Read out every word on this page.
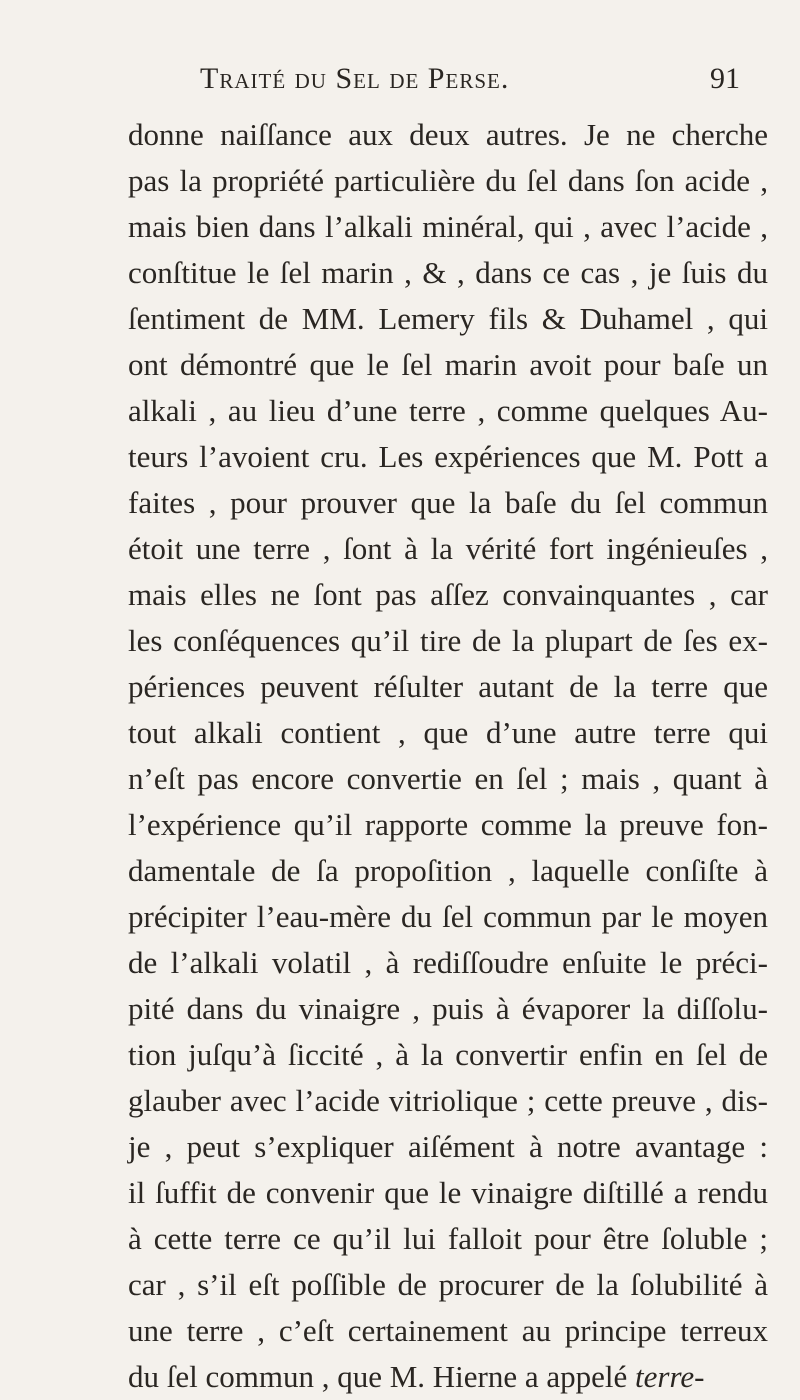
Traité du Sel de Perse.	91
donne naiſſance aux deux autres. Je ne cherche
pas la propriété particulière du ſel dans ſon acide ,
mais bien dans l’alkali minéral, qui , avec l’acide ,
conſtitue le ſel marin , & , dans ce cas , je ſuis du
ſentiment de MM. Lemery fils & Duhamel , qui
ont démontré que le ſel marin avoit pour baſe un
alkali , au lieu d’une terre , comme quelques Au-
teurs l’avoient cru. Les expériences que M. Pott a
faites , pour prouver que la baſe du ſel commun
étoit une terre , ſont à la vérité fort ingénieuſes ,
mais elles ne ſont pas aſſez convainquantes , car
les conſéquences qu’il tire de la plupart de ſes ex-
périences peuvent réſulter autant de la terre que
tout alkali contient , que d’une autre terre qui
n’eſt pas encore convertie en ſel ; mais , quant à
l’expérience qu’il rapporte comme la preuve fon-
damentale de ſa propoſition , laquelle conſiſte à
précipiter l’eau-mère du ſel commun par le moyen
de l’alkali volatil , à rediſſoudre enſuite le préci-
pité dans du vinaigre , puis à évaporer la diſſolu-
tion juſqu’à ſiccité , à la convertir enfin en ſel de
glauber avec l’acide vitriolique ; cette preuve , dis-
je , peut s’expliquer aiſément à notre avantage :
il ſuffit de convenir que le vinaigre diſtillé a rendu
à cette terre ce qu’il lui falloit pour être ſoluble ;
car , s’il eſt poſſible de procurer de la ſolubilité à
une terre , c’eſt certainement au principe terreux
du ſel commun , que M. Hierne a appelé terre-
